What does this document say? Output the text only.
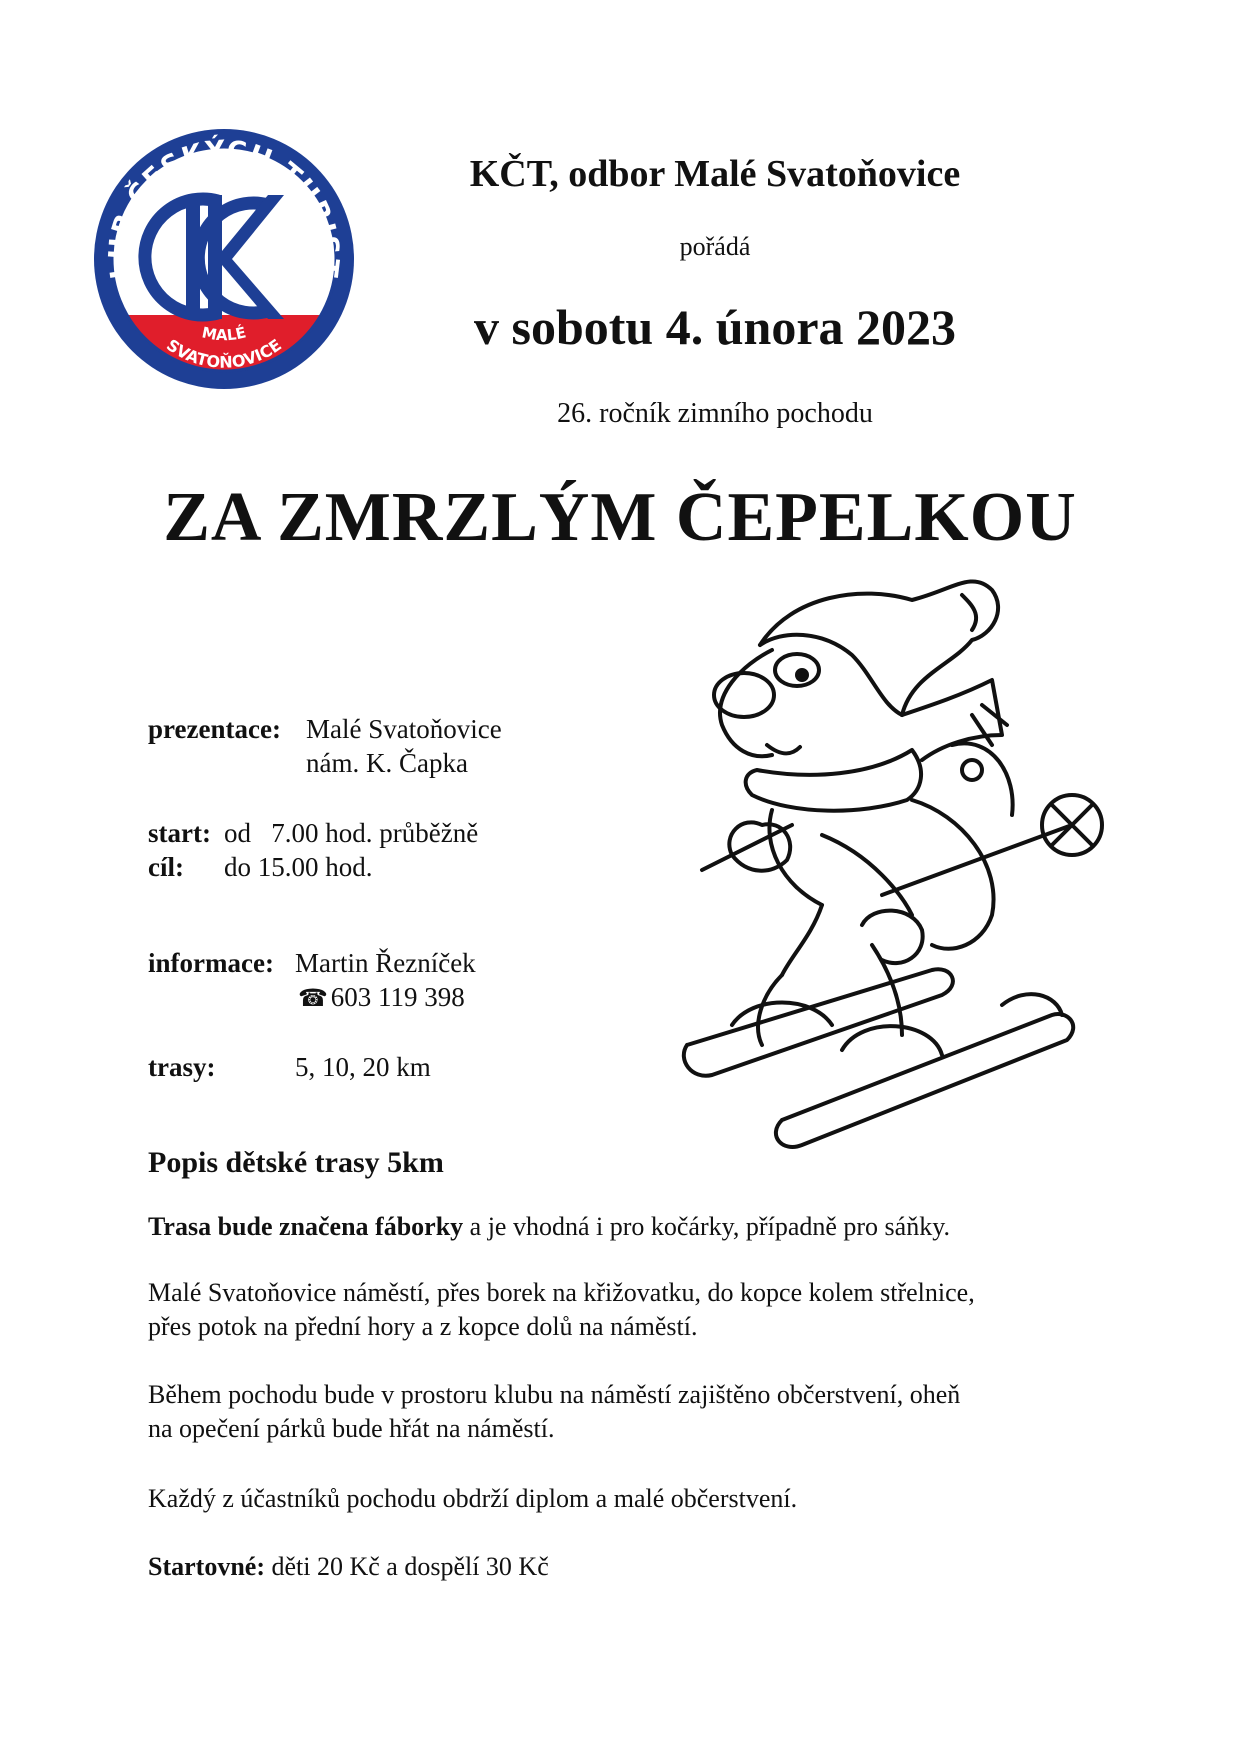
LUB ČESKÝCH TURIST
MALÉ
SVATOŇOVICE
KČT, odbor Malé Svatoňovice
pořádá
v sobotu 4. února 2023
26. ročník zimního pochodu
ZA ZMRZLÝM ČEPELKOU
prezentace: Malé Svatoňovice
nám. K. Čapka
start: od   7.00 hod. průběžně
cíl: do 15.00 hod.
informace: Martin Řezníček
☎ 603 119 398
trasy:	5, 10, 20 km
Popis dětské trasy 5km
Trasa bude značena fáborky a je vhodná i pro kočárky, případně pro sáňky.
Malé Svatoňovice náměstí, přes borek na křižovatku, do kopce kolem střelnice,
přes potok na přední hory a z kopce dolů na náměstí.
Během pochodu bude v prostoru klubu na náměstí zajištěno občerstvení, oheň
na opečení párků bude hřát na náměstí.
Každý z účastníků pochodu obdrží diplom a malé občerstvení.
Startovné: děti 20 Kč a dospělí 30 Kč
